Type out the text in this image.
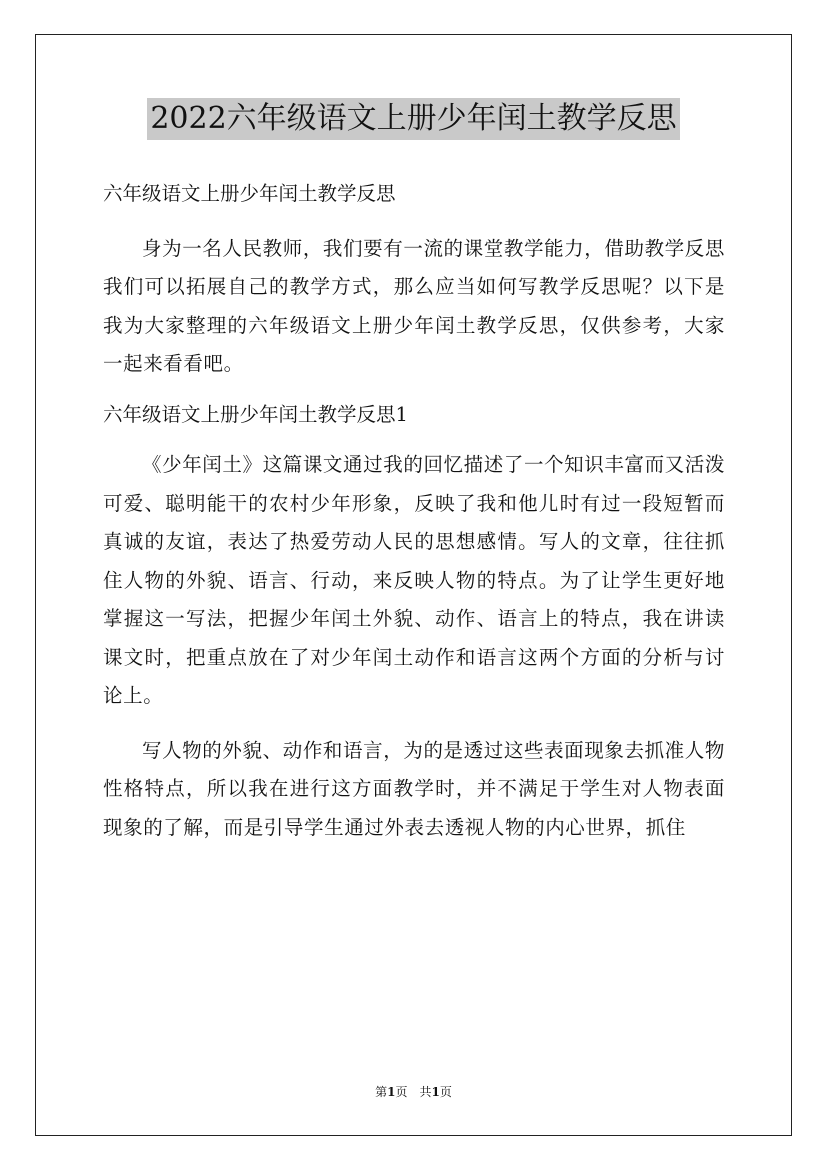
2022六年级语文上册少年闰土教学反思

六年级语文上册少年闰土教学反思

身为一名人民教师，我们要有一流的课堂教学能力，借助教学反思我们可以拓展自己的教学方式，那么应当如何写教学反思呢？以下是我为大家整理的六年级语文上册少年闰土教学反思，仅供参考，大家一起来看看吧。

六年级语文上册少年闰土教学反思1

《少年闰土》这篇课文通过我的回忆描述了一个知识丰富而又活泼可爱、聪明能干的农村少年形象，反映了我和他儿时有过一段短暂而真诚的友谊，表达了热爱劳动人民的思想感情。写人的文章，往往抓住人物的外貌、语言、行动，来反映人物的特点。为了让学生更好地掌握这一写法，把握少年闰土外貌、动作、语言上的特点，我在讲读课文时，把重点放在了对少年闰土动作和语言这两个方面的分析与讨论上。

写人物的外貌、动作和语言，为的是透过这些表面现象去抓准人物性格特点，所以我在进行这方面教学时，并不满足于学生对人物表面现象的了解，而是引导学生通过外表去透视人物的内心世界，抓住

第1页　共1页
